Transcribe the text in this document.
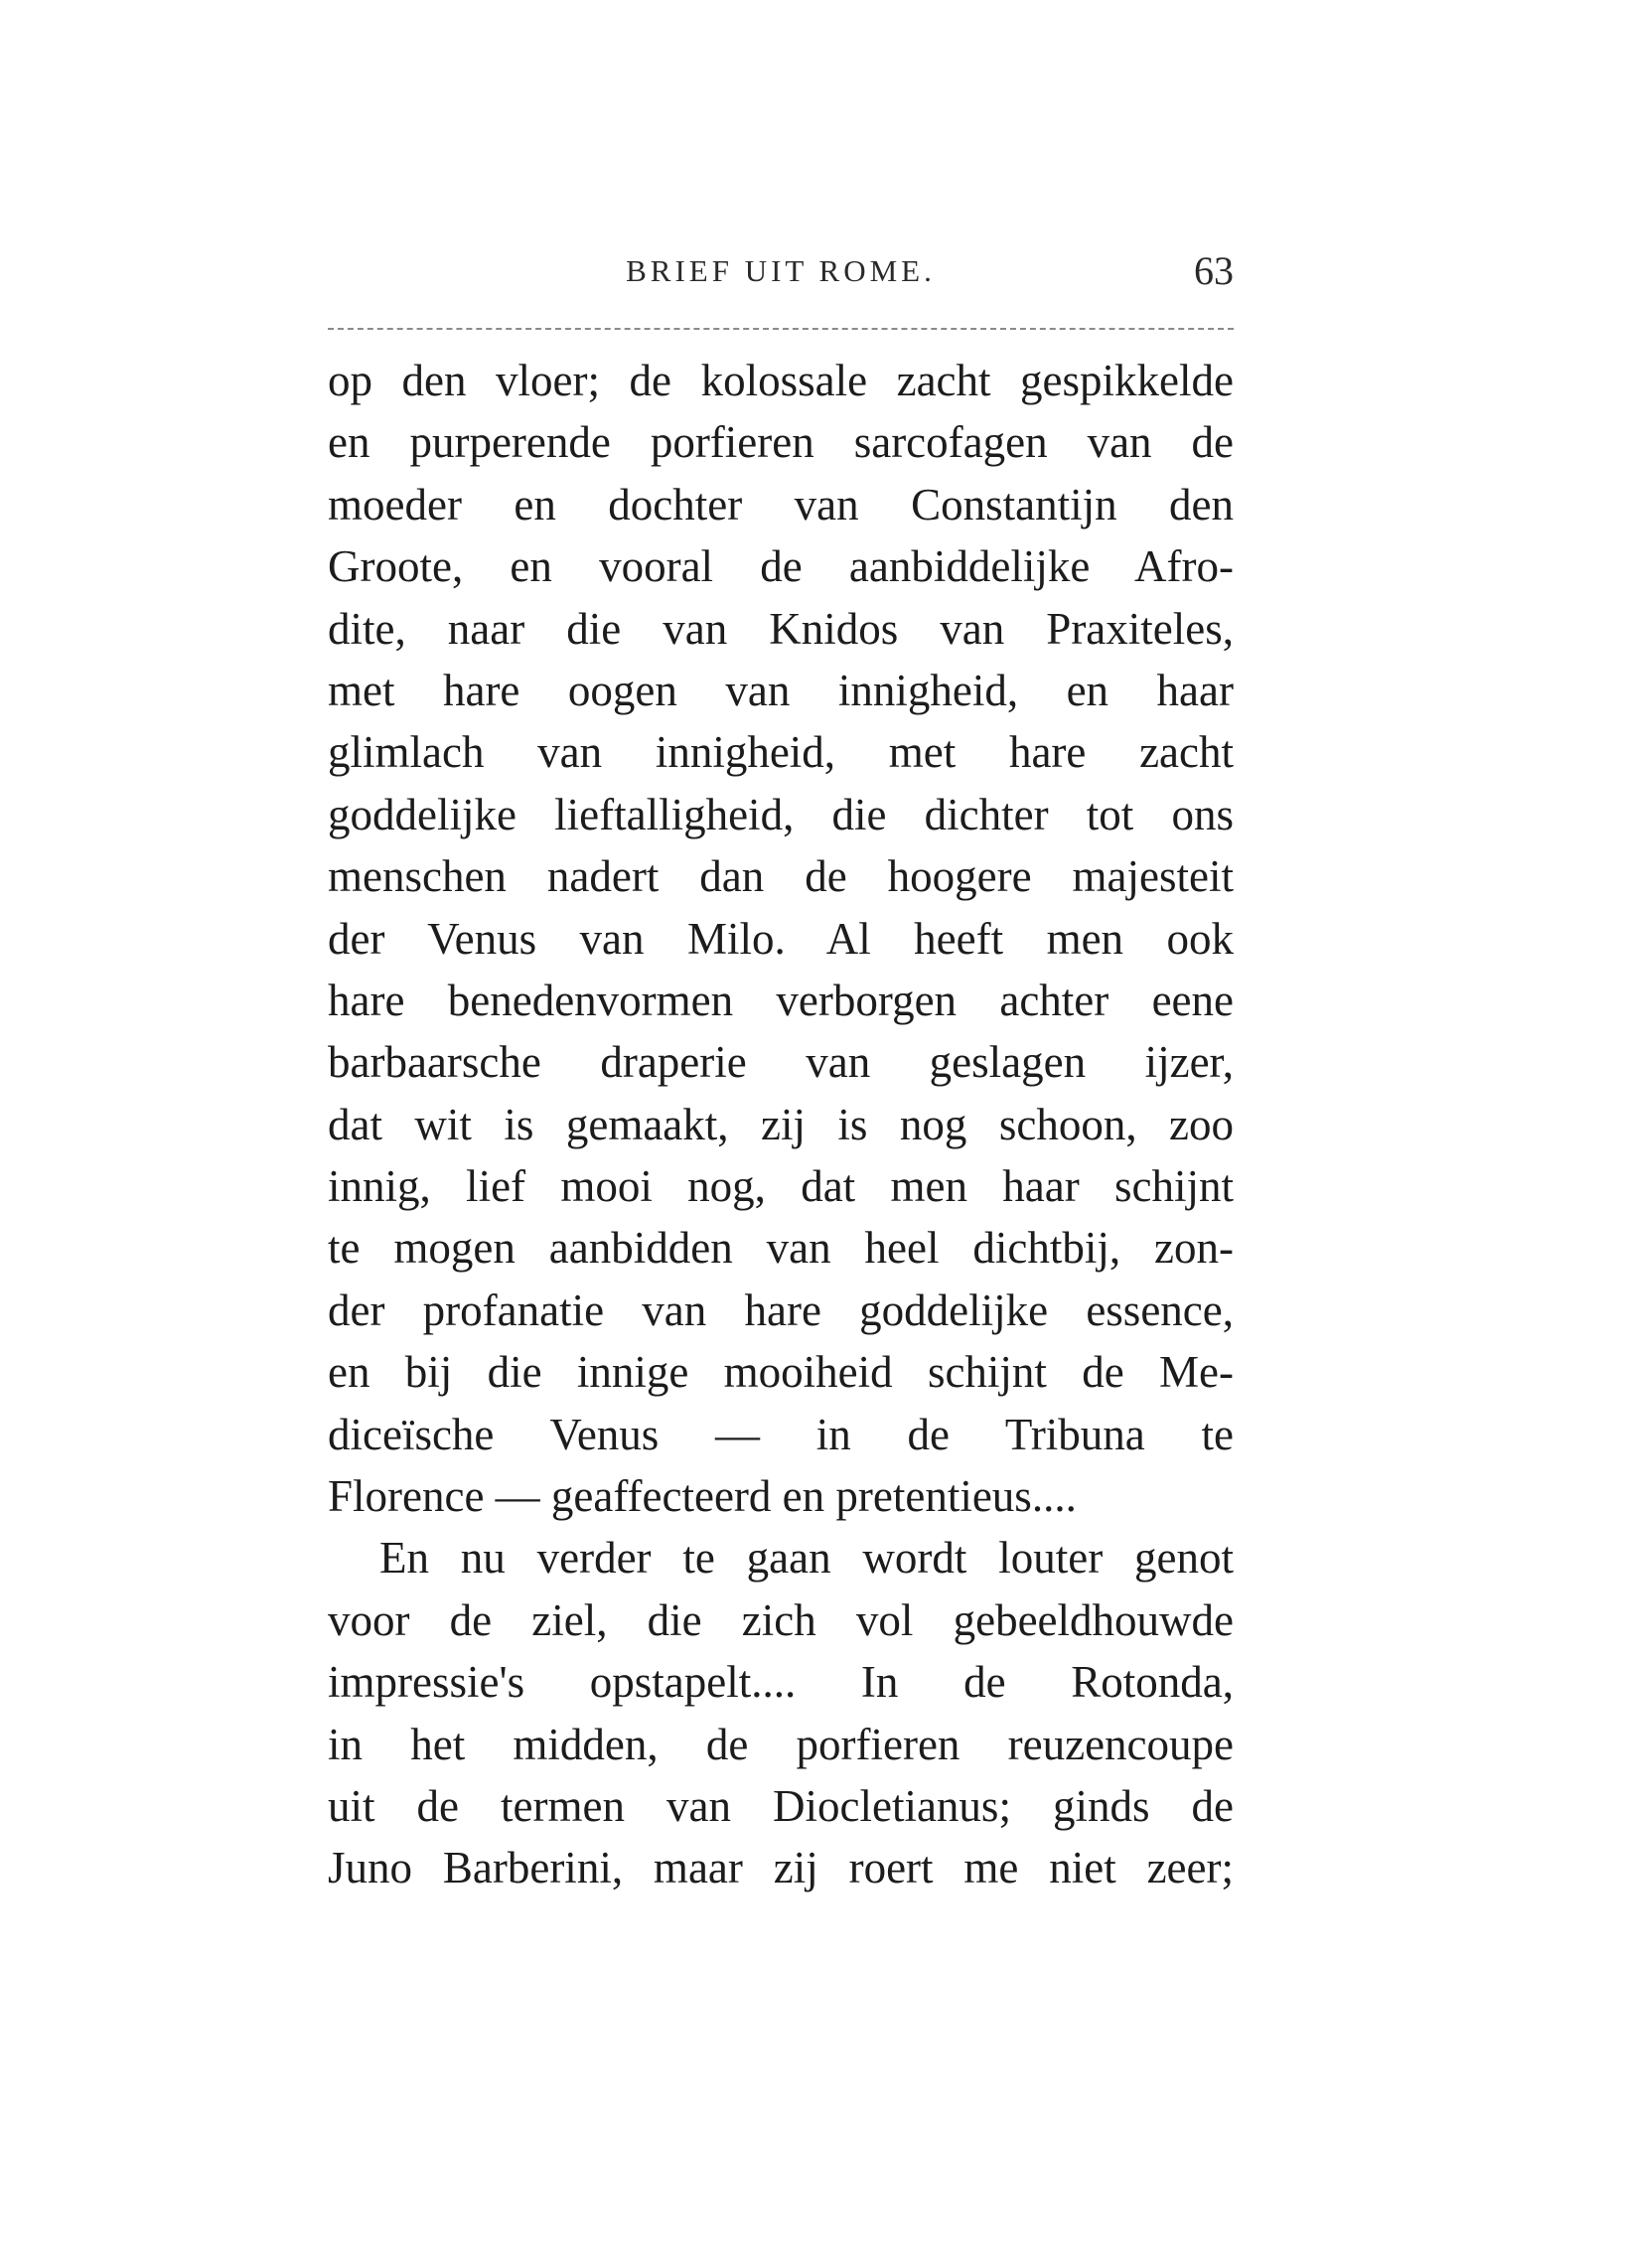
BRIEF UIT ROME.	63
op den vloer; de kolossale zacht gespikkelde
en purperende porfieren sarcofagen van de
moeder en dochter van Constantijn den
Groote, en vooral de aanbiddelijke Afro-
dite, naar die van Knidos van Praxiteles,
met hare oogen van innigheid, en haar
glimlach van innigheid, met hare zacht
goddelijke lieftalligheid, die dichter tot ons
menschen nadert dan de hoogere majesteit
der Venus van Milo. Al heeft men ook
hare benedenvormen verborgen achter eene
barbaarsche draperie van geslagen ijzer,
dat wit is gemaakt, zij is nog schoon, zoo
innig, lief mooi nog, dat men haar schijnt
te mogen aanbidden van heel dichtbij, zon-
der profanatie van hare goddelijke essence,
en bij die innige mooiheid schijnt de Me-
diceïsche Venus — in de Tribuna te
Florence — geaffecteerd en pretentieus....
En nu verder te gaan wordt louter genot
voor de ziel, die zich vol gebeeldhouwde
impressie's opstapelt.... In de Rotonda,
in het midden, de porfieren reuzencoupe
uit de termen van Diocletianus; ginds de
Juno Barberini, maar zij roert me niet zeer;
